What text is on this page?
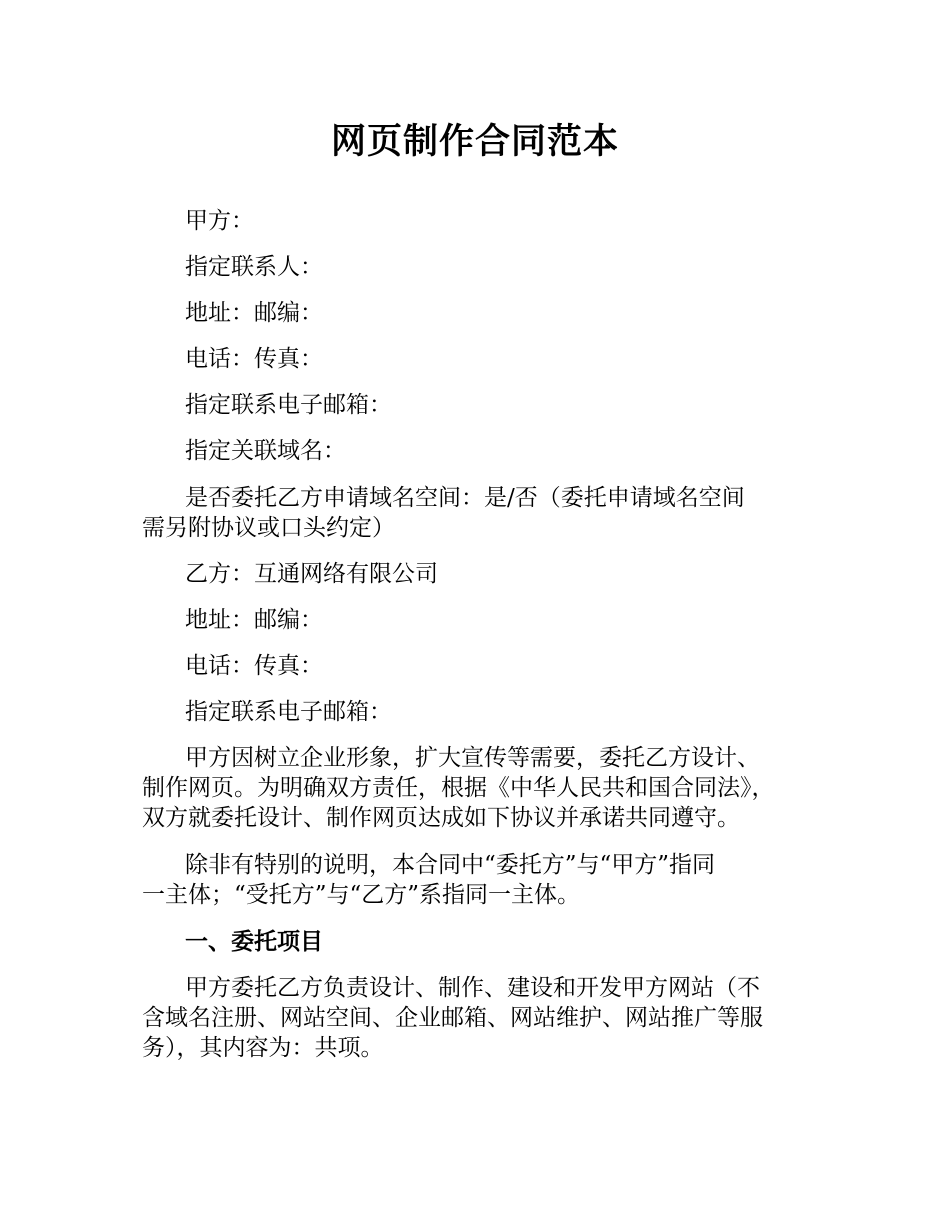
网页制作合同范本
甲方：
指定联系人：
地址：邮编：
电话：传真：
指定联系电子邮箱：
指定关联域名：
是否委托乙方申请域名空间：是/否（委托申请域名空间
需另附协议或口头约定）
乙方：互通网络有限公司
地址：邮编：
电话：传真：
指定联系电子邮箱：
甲方因树立企业形象，扩大宣传等需要，委托乙方设计、
制作网页。为明确双方责任，根据《中华人民共和国合同法》，
双方就委托设计、制作网页达成如下协议并承诺共同遵守。
除非有特别的说明，本合同中“委托方”与“甲方”指同
一主体；“受托方”与“乙方”系指同一主体。
一、委托项目
甲方委托乙方负责设计、制作、建设和开发甲方网站（不
含域名注册、网站空间、企业邮箱、网站维护、网站推广等服
务），其内容为：共项。
